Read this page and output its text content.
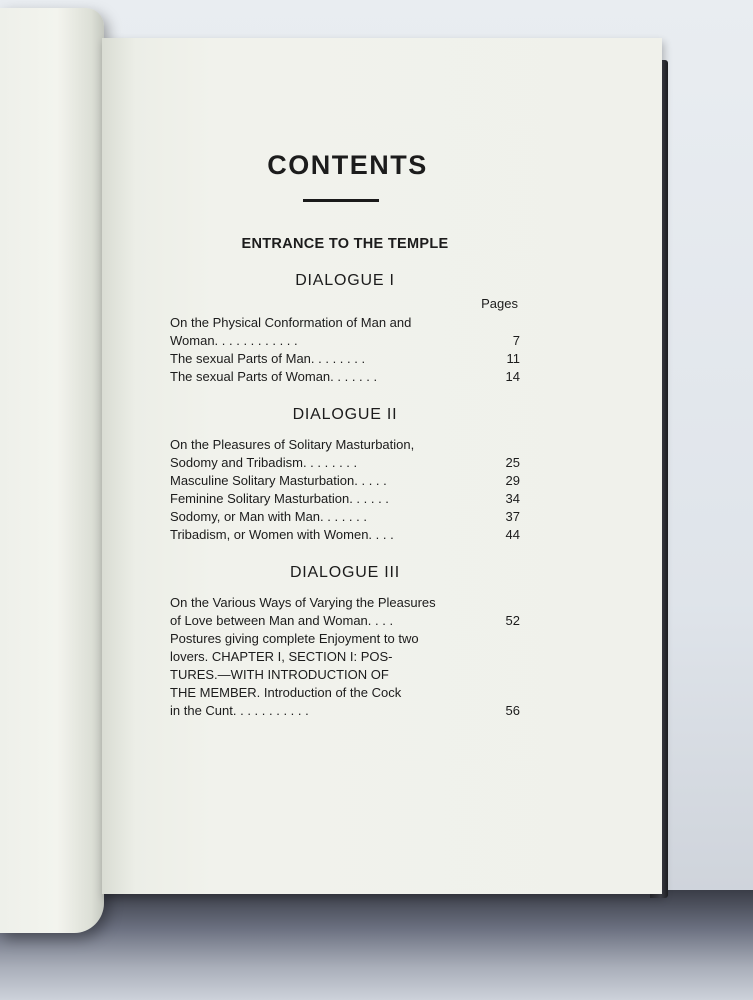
CONTENTS
ENTRANCE TO THE TEMPLE
DIALOGUE I
Pages
On the Physical Conformation of Man and
Woman. . . . . . . . . . . .	7
The sexual Parts of Man. . . . . . . .	11
The sexual Parts of Woman. . . . . . .	14
DIALOGUE II
On the Pleasures of Solitary Masturbation,
Sodomy and Tribadism. . . . . . . .	25
Masculine Solitary Masturbation. . . . .	29
Feminine Solitary Masturbation. . . . . .	34
Sodomy, or Man with Man. . . . . . .	37
Tribadism, or Women with Women. . . .	44
DIALOGUE III
On the Various Ways of Varying the Pleasures
of Love between Man and Woman. . . .	52
Postures giving complete Enjoyment to two
lovers. CHAPTER I, SECTION I: POS-
TURES.—WITH INTRODUCTION OF
THE MEMBER. Introduction of the Cock
in the Cunt. . . . . . . . . . .	56
